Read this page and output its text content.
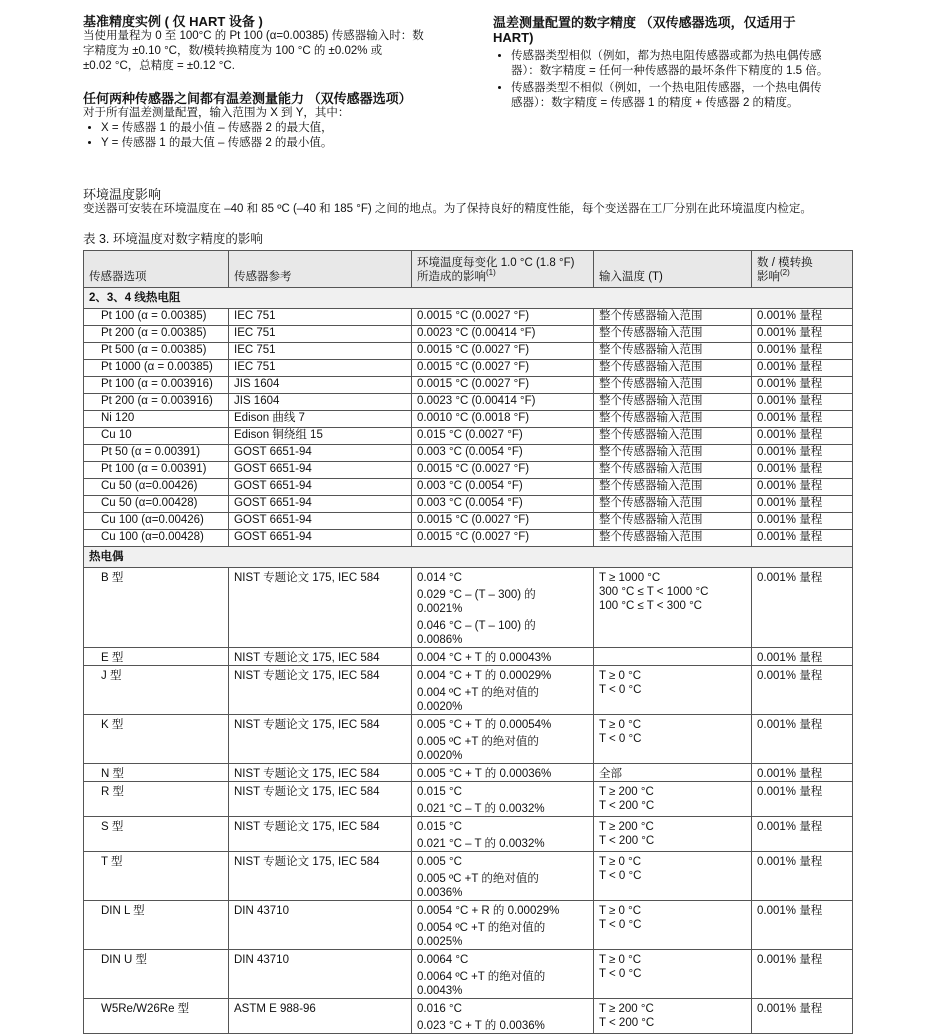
基准精度实例 ( 仅 HART 设备 )
当使用量程为 0 至 100°C 的 Pt 100 (α=0.00385) 传感器输入时：数
字精度为 ±0.10 °C，数/模转换精度为 100 °C 的 ±0.02% 或
±0.02 °C，总精度 = ±0.12 °C.
任何两种传感器之间都有温差测量能力 （双传感器选项）
对于所有温差测量配置，输入范围为 X 到 Y，其中：
• X = 传感器 1 的最小值 – 传感器 2 的最大值，
• Y = 传感器 1 的最大值 – 传感器 2 的最小值。
温差测量配置的数字精度 （双传感器选项，仅适用于
HART)
• 传感器类型相似（例如，都为热电阻传感器或都为热电偶传感
器）：数字精度 = 任何一种传感器的最坏条件下精度的 1.5 倍。
• 传感器类型不相似（例如，一个热电阻传感器，一个热电偶传
感器）：数字精度 = 传感器 1 的精度 + 传感器 2 的精度。
环境温度影响
变送器可安装在环境温度在 –40 和 85 ºC (–40 和 185 °F) 之间的地点。为了保持良好的精度性能，每个变送器在工厂分别在此环境温度内检定。
表 3. 环境温度对数字精度的影响
传感器选项	传感器参考	环境温度每变化 1.0 °C (1.8 °F)
所造成的影响$^{(1)}$	输入温度 (T)	数 / 模转换
影响$^{(2)}$
2、3、4 线热电阻				
Pt 100 (α = 0.00385)	IEC 751	0.0015 °C (0.0027 °F)	整个传感器输入范围	0.001% 量程
Pt 200 (α = 0.00385)	IEC 751	0.0023 °C (0.00414 °F)	整个传感器输入范围	0.001% 量程
Pt 500 (α = 0.00385)	IEC 751	0.0015 °C (0.0027 °F)	整个传感器输入范围	0.001% 量程
Pt 1000 (α = 0.00385)	IEC 751	0.0015 °C (0.0027 °F)	整个传感器输入范围	0.001% 量程
Pt 100 (α = 0.003916)	JIS 1604	0.0015 °C (0.0027 °F)	整个传感器输入范围	0.001% 量程
Pt 200 (α = 0.003916)	JIS 1604	0.0023 °C (0.00414 °F)	整个传感器输入范围	0.001% 量程
Ni 120	Edison 曲线 7	0.0010 °C (0.0018 °F)	整个传感器输入范围	0.001% 量程
Cu 10	Edison 铜绕组 15	0.015 °C (0.0027 °F)	整个传感器输入范围	0.001% 量程
Pt 50 (α = 0.00391)	GOST 6651-94	0.003 °C (0.0054 °F)	整个传感器输入范围	0.001% 量程
Pt 100 (α = 0.00391)	GOST 6651-94	0.0015 °C (0.0027 °F)	整个传感器输入范围	0.001% 量程
Cu 50 (α=0.00426)	GOST 6651-94	0.003 °C (0.0054 °F)	整个传感器输入范围	0.001% 量程
Cu 50 (α=0.00428)	GOST 6651-94	0.003 °C (0.0054 °F)	整个传感器输入范围	0.001% 量程
Cu 100 (α=0.00426)	GOST 6651-94	0.0015 °C (0.0027 °F)	整个传感器输入范围	0.001% 量程
Cu 100 (α=0.00428)	GOST 6651-94	0.0015 °C (0.0027 °F)	整个传感器输入范围	0.001% 量程
热电偶				
B 型	NIST 专题论文 175, IEC 584	0.014 °C
0.029 °C – (T – 300) 的
0.0021%
0.046 °C – (T – 100) 的
0.0086%	T ≥ 1000 °C
300 °C ≤ T < 1000 °C
100 °C ≤ T < 300 °C	0.001% 量程
E 型	NIST 专题论文 175, IEC 584	0.004 °C + T 的 0.00043%		0.001% 量程
J 型	NIST 专题论文 175, IEC 584	0.004 °C + T 的 0.00029%
0.004 ºC +T 的绝对值的
0.0020%	T ≥ 0 °C
T < 0 °C	0.001% 量程
K 型	NIST 专题论文 175, IEC 584	0.005 °C + T 的 0.00054%
0.005 ºC +T 的绝对值的
0.0020%	T ≥ 0 °C
T < 0 °C	0.001% 量程
N 型	NIST 专题论文 175, IEC 584	0.005 °C + T 的 0.00036%	全部	0.001% 量程
R 型	NIST 专题论文 175, IEC 584	0.015 °C
0.021 °C – T 的 0.0032%	T ≥ 200 °C
T < 200 °C	0.001% 量程
S 型	NIST 专题论文 175, IEC 584	0.015 °C
0.021 °C – T 的 0.0032%	T ≥ 200 °C
T < 200 °C	0.001% 量程
T 型	NIST 专题论文 175, IEC 584	0.005 °C
0.005 ºC +T 的绝对值的
0.0036%	T ≥ 0 °C
T < 0 °C	0.001% 量程
DIN L 型	DIN 43710	0.0054 °C + R 的 0.00029%
0.0054 ºC +T 的绝对值的
0.0025%	T ≥ 0 °C
T < 0 °C	0.001% 量程
DIN U 型	DIN 43710	0.0064 °C
0.0064 ºC +T 的绝对值的
0.0043%	T ≥ 0 °C
T < 0 °C	0.001% 量程
W5Re/W26Re 型	ASTM E 988-96	0.016 °C
0.023 °C + T 的 0.0036%	T ≥ 200 °C
T < 200 °C	0.001% 量程
